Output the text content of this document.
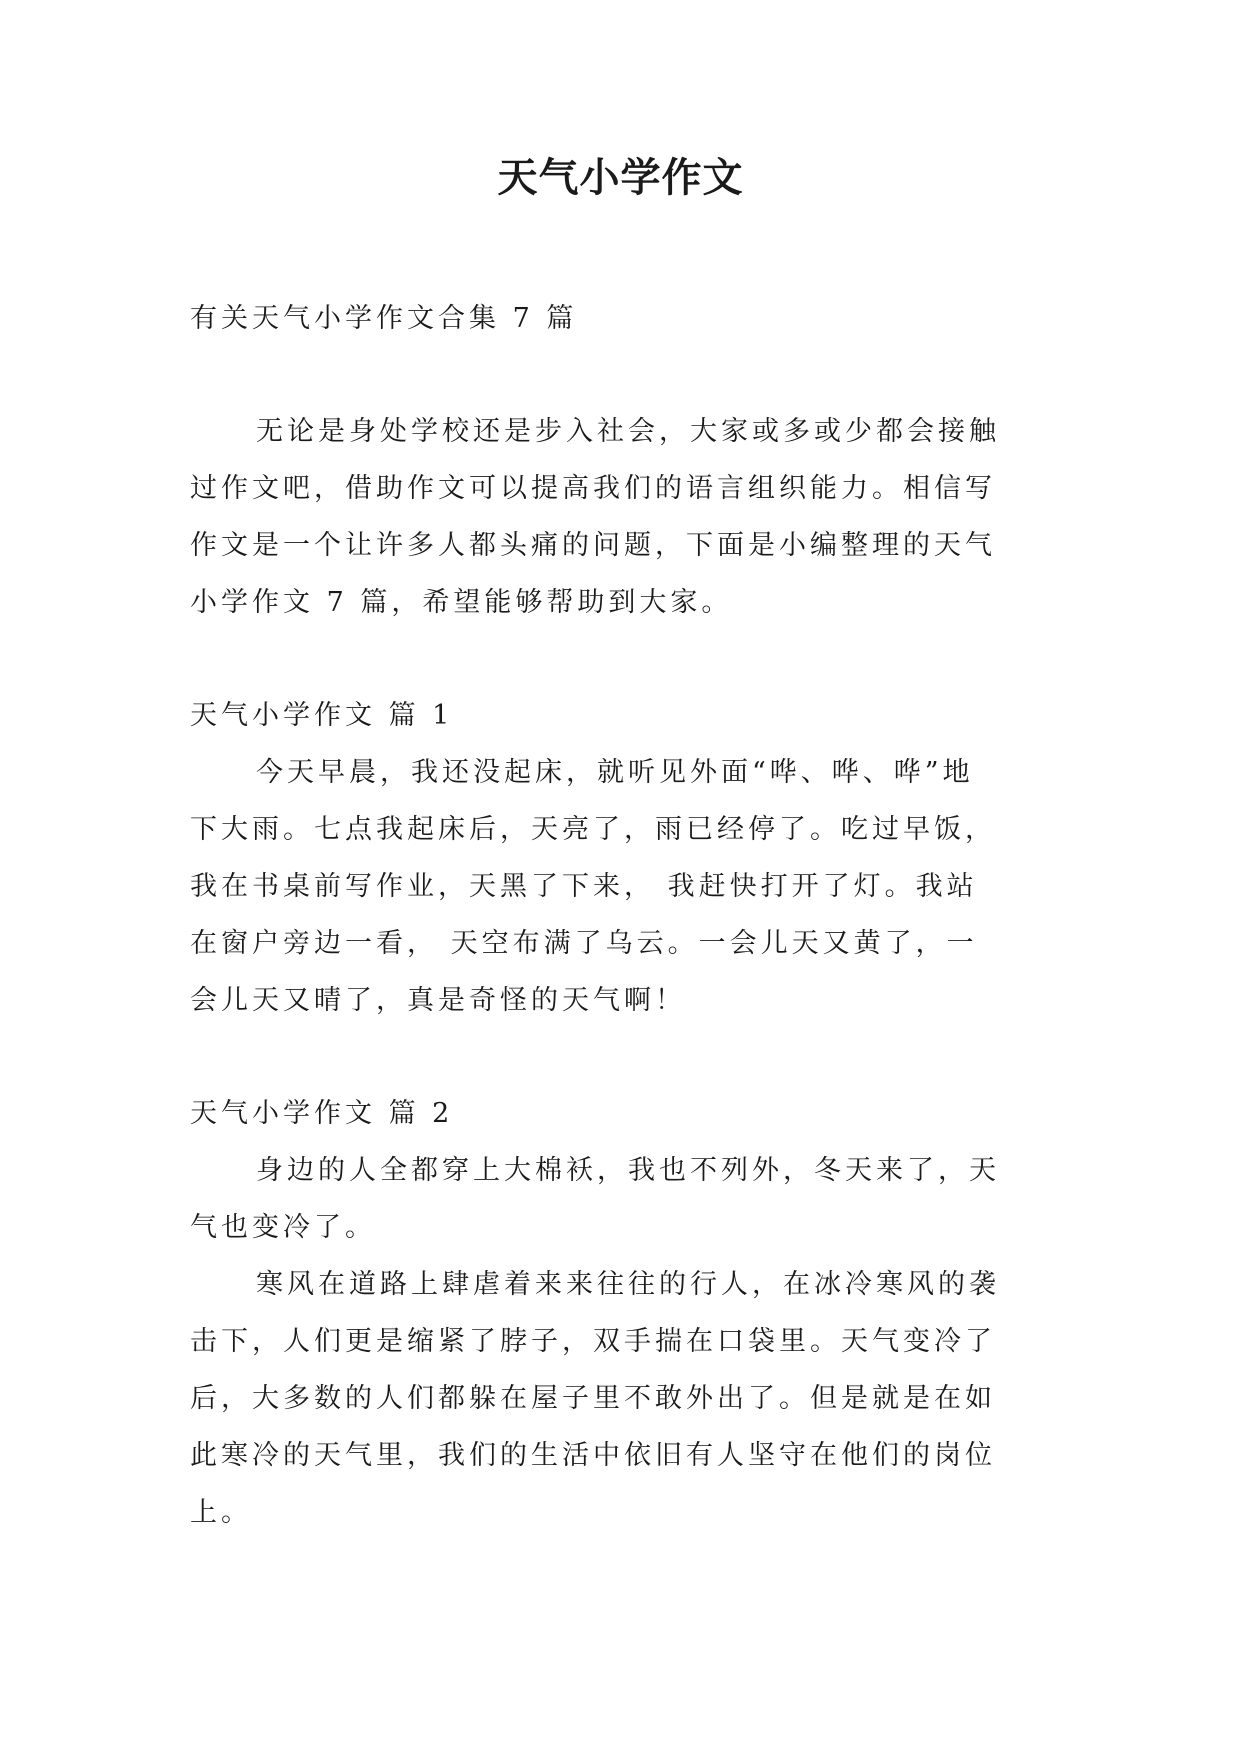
天气小学作文

有关天气小学作文合集 7 篇

无论是身处学校还是步入社会，大家或多或少都会接触

过作文吧，借助作文可以提高我们的语言组织能力。相信写

作文是一个让许多人都头痛的问题，下面是小编整理的天气

小学作文 7 篇，希望能够帮助到大家。

天气小学作文 篇 1

今天早晨，我还没起床，就听见外面“哗、哗、哗”地

下大雨。七点我起床后，天亮了，雨已经停了。吃过早饭，

我在书桌前写作业，天黑了下来， 我赶快打开了灯。我站

在窗户旁边一看， 天空布满了乌云。一会儿天又黄了，一

会儿天又晴了，真是奇怪的天气啊！

天气小学作文 篇 2

身边的人全都穿上大棉袄，我也不列外，冬天来了，天

气也变冷了。

寒风在道路上肆虐着来来往往的行人，在冰冷寒风的袭

击下，人们更是缩紧了脖子，双手揣在口袋里。天气变冷了

后，大多数的人们都躲在屋子里不敢外出了。但是就是在如

此寒冷的天气里，我们的生活中依旧有人坚守在他们的岗位

上。
